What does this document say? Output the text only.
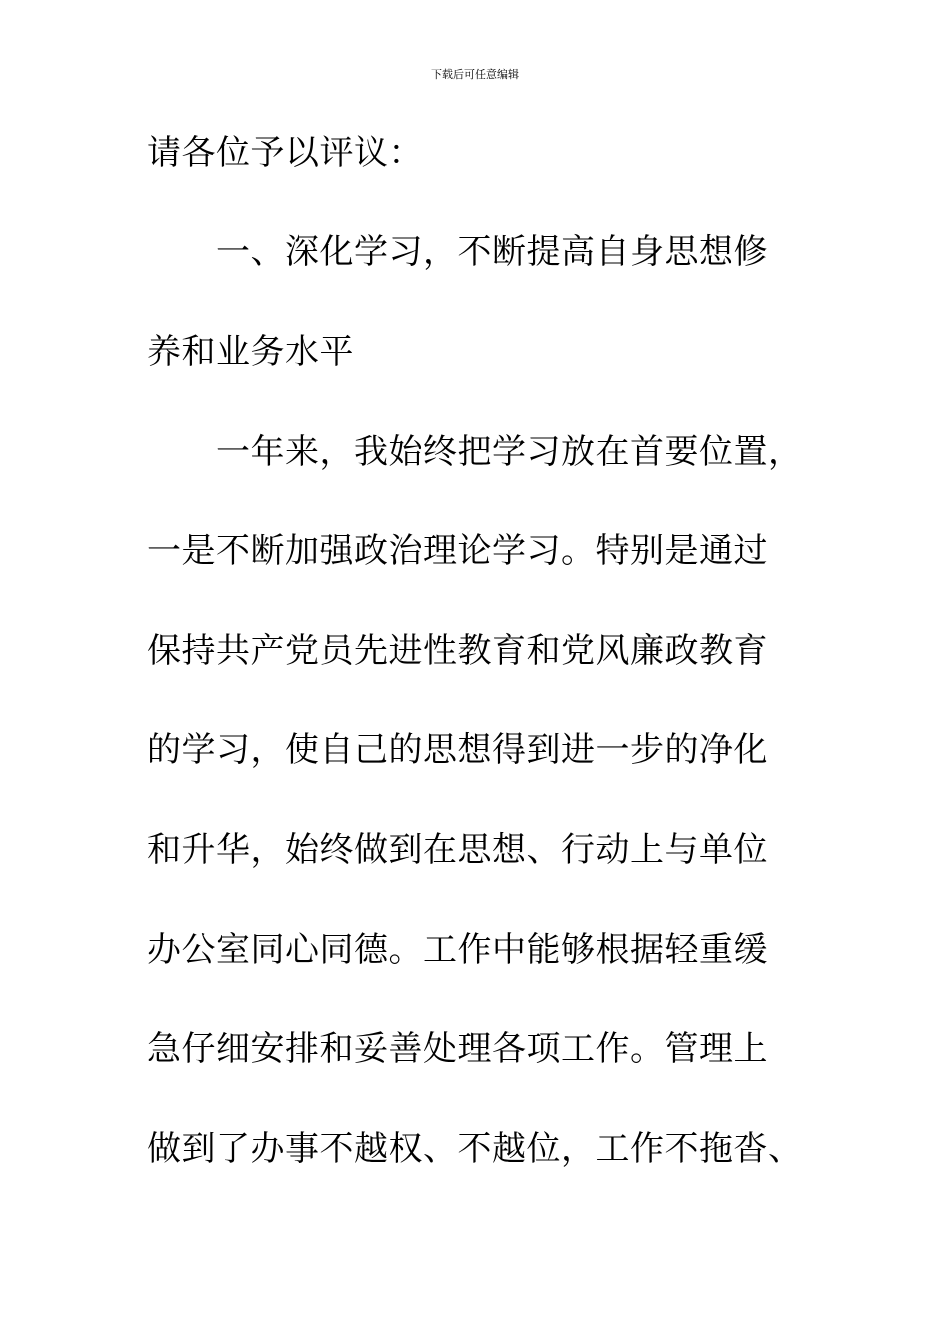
下载后可任意编辑
请各位予以评议：
一、深化学习，不断提高自身思想修
养和业务水平
一年来，我始终把学习放在首要位置，
一是不断加强政治理论学习。特别是通过
保持共产党员先进性教育和党风廉政教育
的学习，使自己的思想得到进一步的净化
和升华，始终做到在思想、行动上与单位
办公室同心同德。工作中能够根据轻重缓
急仔细安排和妥善处理各项工作。管理上
做到了办事不越权、不越位，工作不拖沓、
